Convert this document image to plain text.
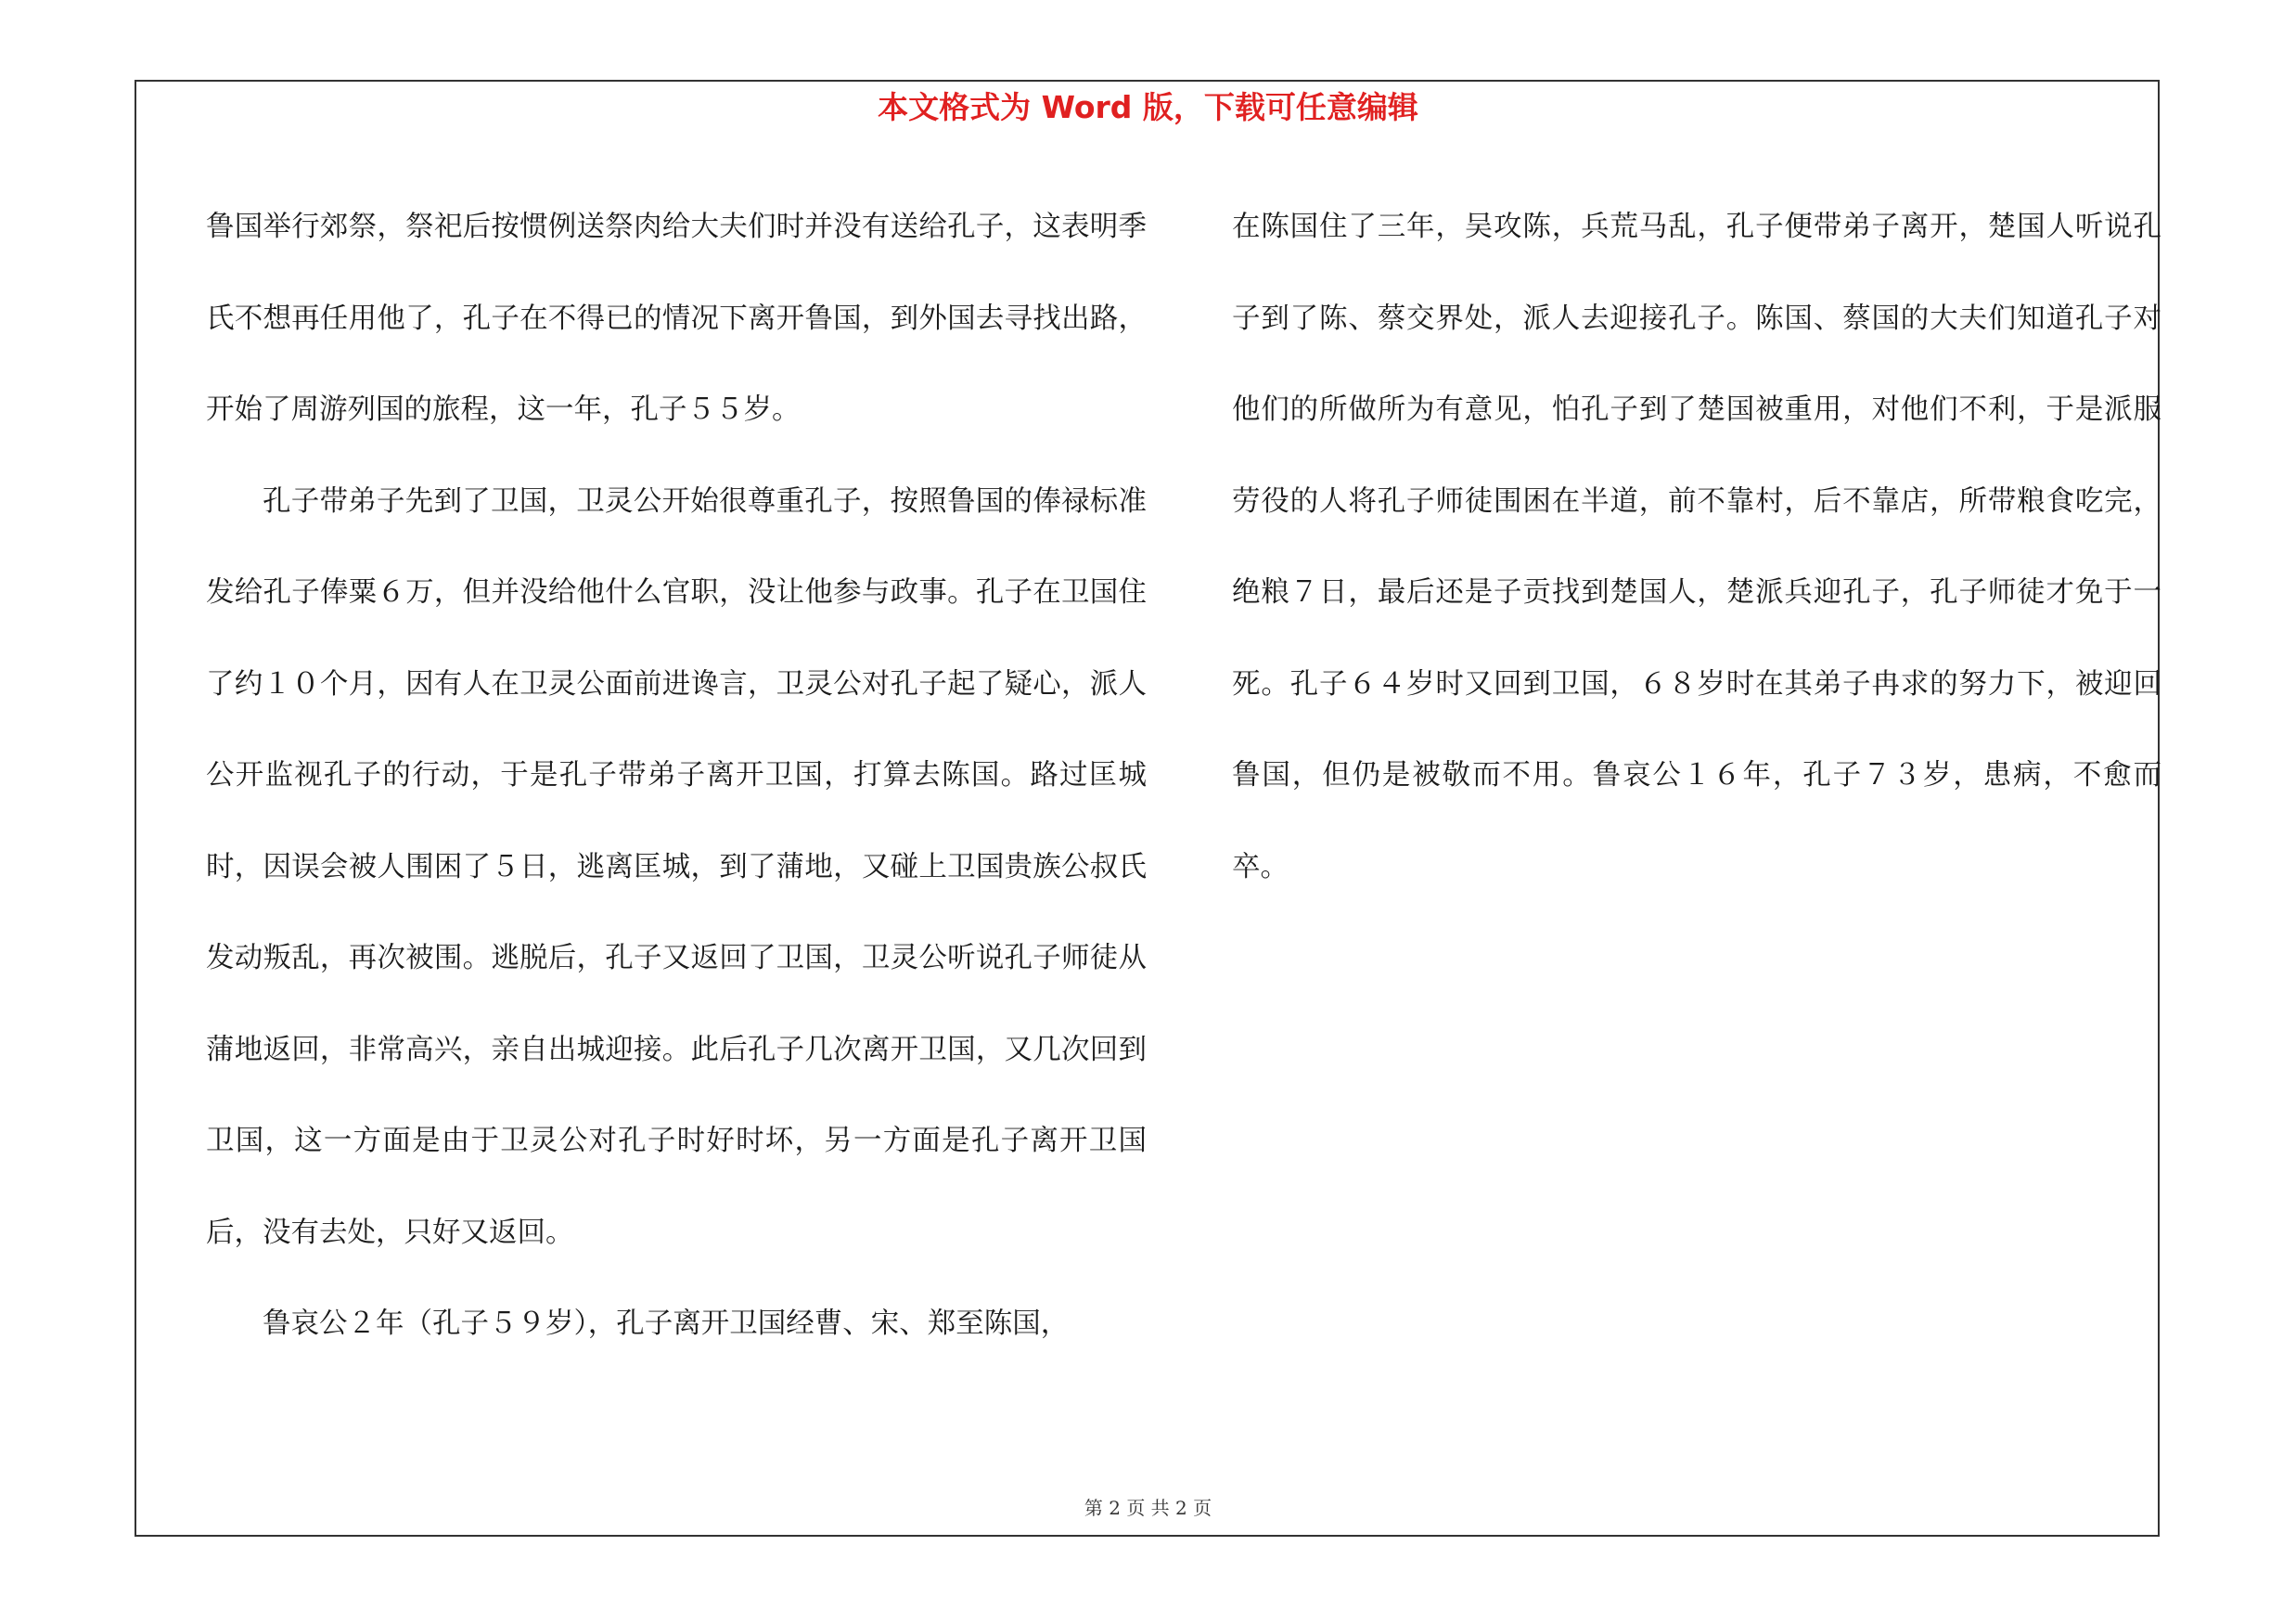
本文格式为 Word 版，下载可任意编辑

鲁国举行郊祭，祭祀后按惯例送祭肉给大夫们时并没有送给孔子，这表明季氏不想再任用他了，孔子在不得已的情况下离开鲁国，到外国去寻找出路，开始了周游列国的旅程，这一年，孔子５５岁。

孔子带弟子先到了卫国，卫灵公开始很尊重孔子，按照鲁国的俸禄标准发给孔子俸粟６万，但并没给他什么官职，没让他参与政事。孔子在卫国住了约１０个月，因有人在卫灵公面前进谗言，卫灵公对孔子起了疑心，派人公开监视孔子的行动，于是孔子带弟子离开卫国，打算去陈国。路过匡城时，因误会被人围困了５日，逃离匡城，到了蒲地，又碰上卫国贵族公叔氏发动叛乱，再次被围。逃脱后，孔子又返回了卫国，卫灵公听说孔子师徒从蒲地返回，非常高兴，亲自出城迎接。此后孔子几次离开卫国，又几次回到卫国，这一方面是由于卫灵公对孔子时好时坏，另一方面是孔子离开卫国后，没有去处，只好又返回。

鲁哀公２年（孔子５９岁），孔子离开卫国经曹、宋、郑至陈国，

在陈国住了三年，吴攻陈，兵荒马乱，孔子便带弟子离开，楚国人听说孔子到了陈、蔡交界处，派人去迎接孔子。陈国、蔡国的大夫们知道孔子对他们的所做所为有意见，怕孔子到了楚国被重用，对他们不利，于是派服劳役的人将孔子师徒围困在半道，前不靠村，后不靠店，所带粮食吃完，绝粮７日，最后还是子贡找到楚国人，楚派兵迎孔子，孔子师徒才免于一死。孔子６４岁时又回到卫国，６８岁时在其弟子冉求的努力下，被迎回鲁国，但仍是被敬而不用。鲁哀公１６年，孔子７３岁，患病，不愈而卒。

第 2 页 共 2 页
